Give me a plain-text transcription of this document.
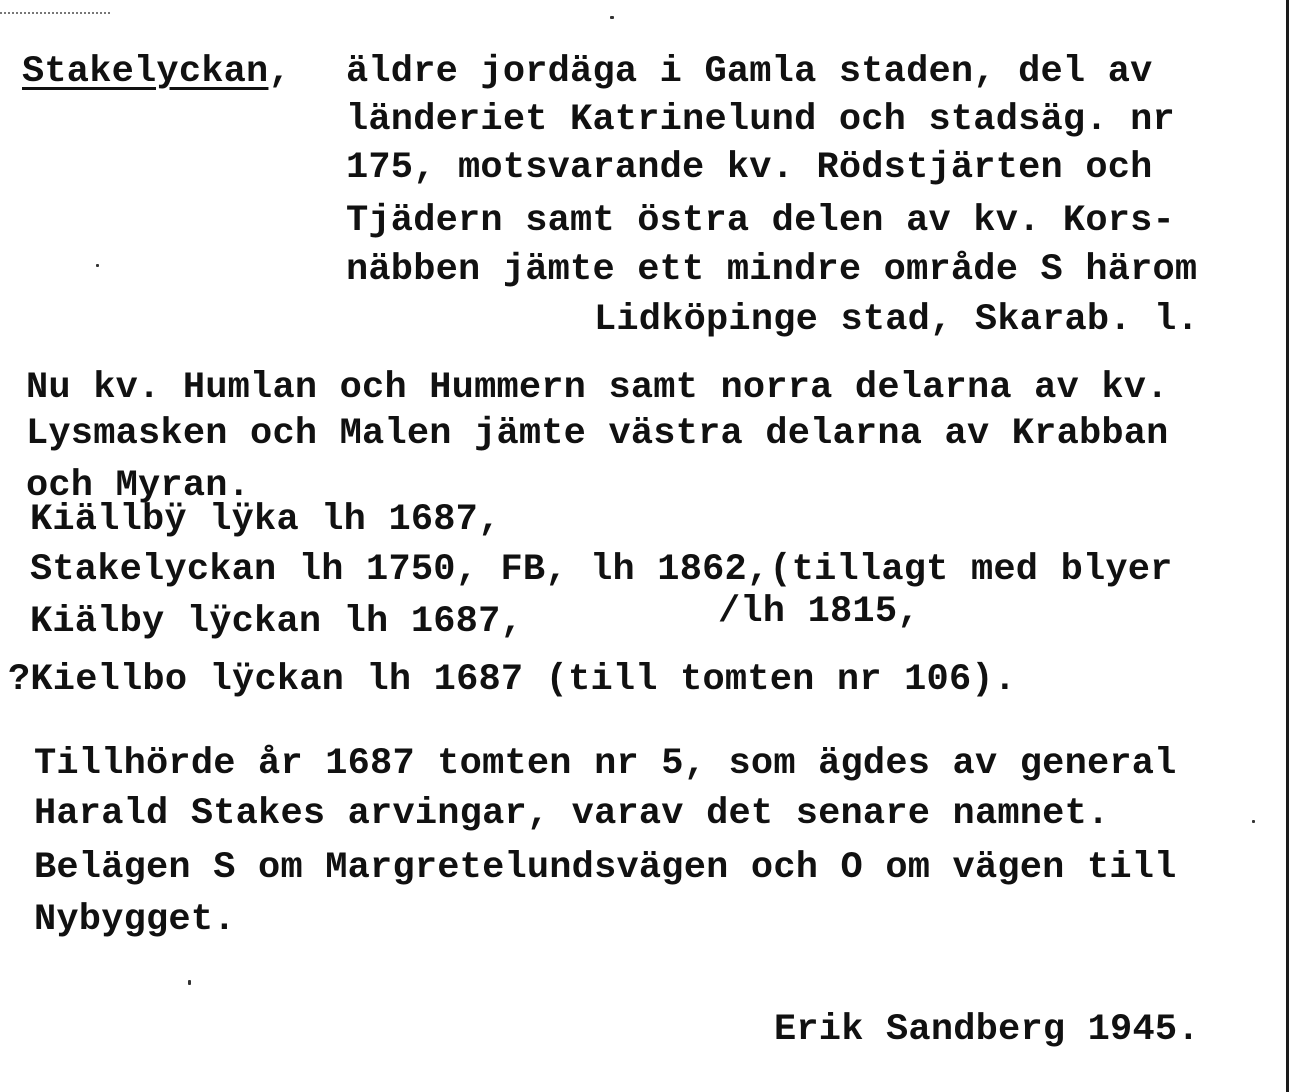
Stakelyckan, äldre jordäga i Gamla staden, del av
länderiet Katrinelund och stadsäg. nr
175, motsvarande kv. Rödstjärten och
Tjädern samt östra delen av kv. Kors-
näbben jämte ett mindre område S härom
Lidköpinge stad, Skarab. l.
Nu kv. Humlan och Hummern samt norra delarna av kv.
Lysmasken och Malen jämte västra delarna av Krabban
och Myran.
Kiällbÿ lÿka lh 1687,
Stakelyckan lh 1750, FB, lh 1862,(tillagt med blyer
Kiälby lÿckan lh 1687,	/lh 1815,
?Kiellbo lÿckan lh 1687 (till tomten nr 106).
Tillhörde år 1687 tomten nr 5, som ägdes av general
Harald Stakes arvingar, varav det senare namnet.
Belägen S om Margretelundsvägen och O om vägen till
Nybygget.
Erik Sandberg 1945.
